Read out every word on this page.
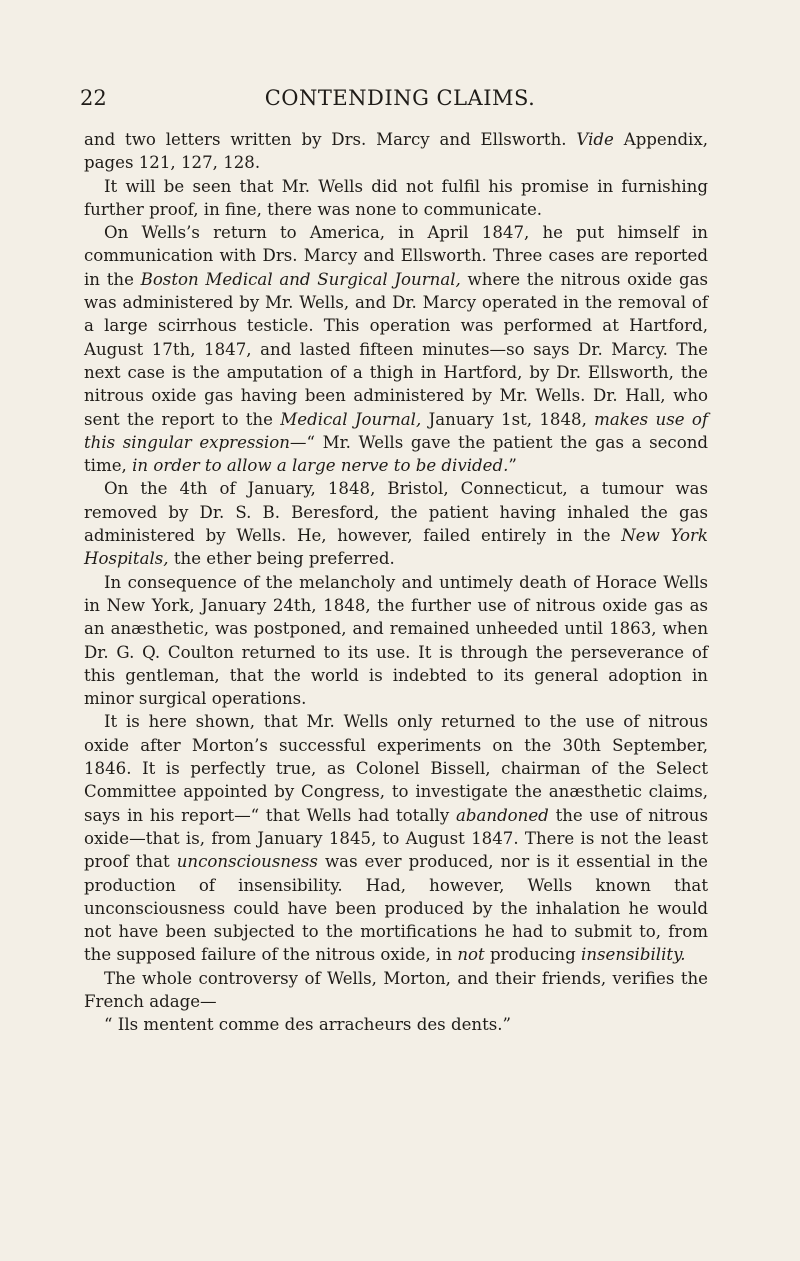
22	CONTENDING CLAIMS.

and two letters written by Drs. Marcy and Ellsworth. Vide Appendix, pages 121, 127, 128.

It will be seen that Mr. Wells did not fulfil his promise in furnishing further proof, in fine, there was none to communicate.

On Wells’s return to America, in April 1847, he put himself in communication with Drs. Marcy and Ellsworth. Three cases are reported in the Boston Medical and Surgical Journal, where the nitrous oxide gas was administered by Mr. Wells, and Dr. Marcy operated in the removal of a large scirrhous testicle. This operation was performed at Hartford, August 17th, 1847, and lasted fifteen minutes—so says Dr. Marcy. The next case is the amputation of a thigh in Hartford, by Dr. Ellsworth, the nitrous oxide gas having been administered by Mr. Wells. Dr. Hall, who sent the report to the Medical Journal, January 1st, 1848, makes use of this singular expression—“ Mr. Wells gave the patient the gas a second time, in order to allow a large nerve to be divided.”

On the 4th of January, 1848, Bristol, Connecticut, a tumour was removed by Dr. S. B. Beresford, the patient having inhaled the gas administered by Wells. He, however, failed entirely in the New York Hospitals, the ether being preferred.

In consequence of the melancholy and untimely death of Horace Wells in New York, January 24th, 1848, the further use of nitrous oxide gas as an anæsthetic, was postponed, and remained unheeded until 1863, when Dr. G. Q. Coulton returned to its use. It is through the perseverance of this gentleman, that the world is indebted to its general adoption in minor surgical operations.

It is here shown, that Mr. Wells only returned to the use of nitrous oxide after Morton’s successful experiments on the 30th September, 1846. It is perfectly true, as Colonel Bissell, chairman of the Select Committee appointed by Congress, to investigate the anæsthetic claims, says in his report—“ that Wells had totally abandoned the use of nitrous oxide—that is, from January 1845, to August 1847. There is not the least proof that unconsciousness was ever produced, nor is it essential in the production of insensibility. Had, however, Wells known that unconsciousness could have been produced by the inhalation he would not have been subjected to the mortifications he had to submit to, from the supposed failure of the nitrous oxide, in not producing insensibility.

The whole controversy of Wells, Morton, and their friends, verifies the French adage—

“ Ils mentent comme des arracheurs des dents.”
